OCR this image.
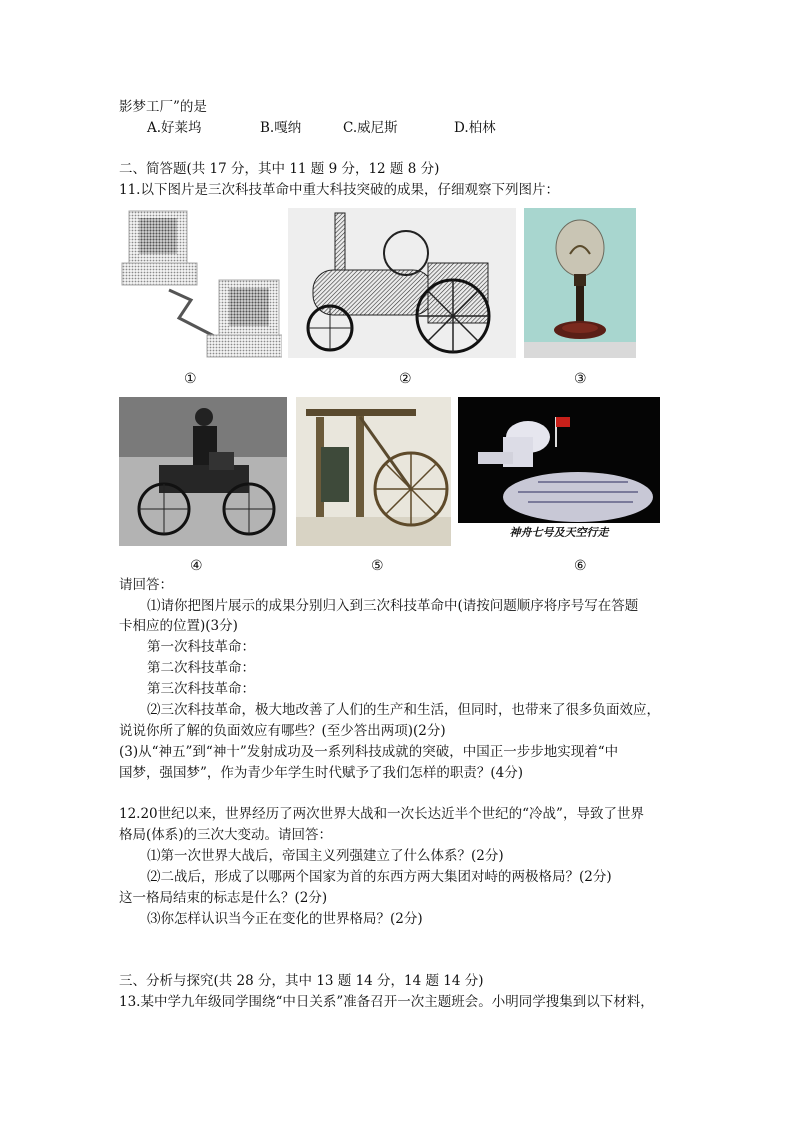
影梦工厂”的是
A.好莱坞	B.嘎纳	C.威尼斯	D.柏林
二、简答题(共 17 分，其中 11 题 9 分，12 题 8 分)
11.以下图片是三次科技革命中重大科技突破的成果，仔细观察下列图片：
①	②	③
神舟七号及天空行走
④	⑤	⑥
请回答：
⑴请你把图片展示的成果分别归入到三次科技革命中(请按问题顺序将序号写在答题
卡相应的位置)(3分)
第一次科技革命：
第二次科技革命：
第三次科技革命：
⑵三次科技革命，极大地改善了人们的生产和生活，但同时，也带来了很多负面效应，
说说你所了解的负面效应有哪些？(至少答出两项)(2分)
(3)从“神五”到“神十”发射成功及一系列科技成就的突破，中国正一步步地实现着“中
国梦，强国梦”，作为青少年学生时代赋予了我们怎样的职责？(4分)
12.20世纪以来，世界经历了两次世界大战和一次长达近半个世纪的“冷战”，导致了世界
格局(体系)的三次大变动。请回答：
⑴第一次世界大战后，帝国主义列强建立了什么体系？(2分)
⑵二战后，形成了以哪两个国家为首的东西方两大集团对峙的两极格局？(2分)
这一格局结束的标志是什么？(2分)
⑶你怎样认识当今正在变化的世界格局？(2分)
三、分析与探究(共 28 分，其中 13 题 14 分，14 题 14 分)
13.某中学九年级同学围绕“中日关系”准备召开一次主题班会。小明同学搜集到以下材料，
